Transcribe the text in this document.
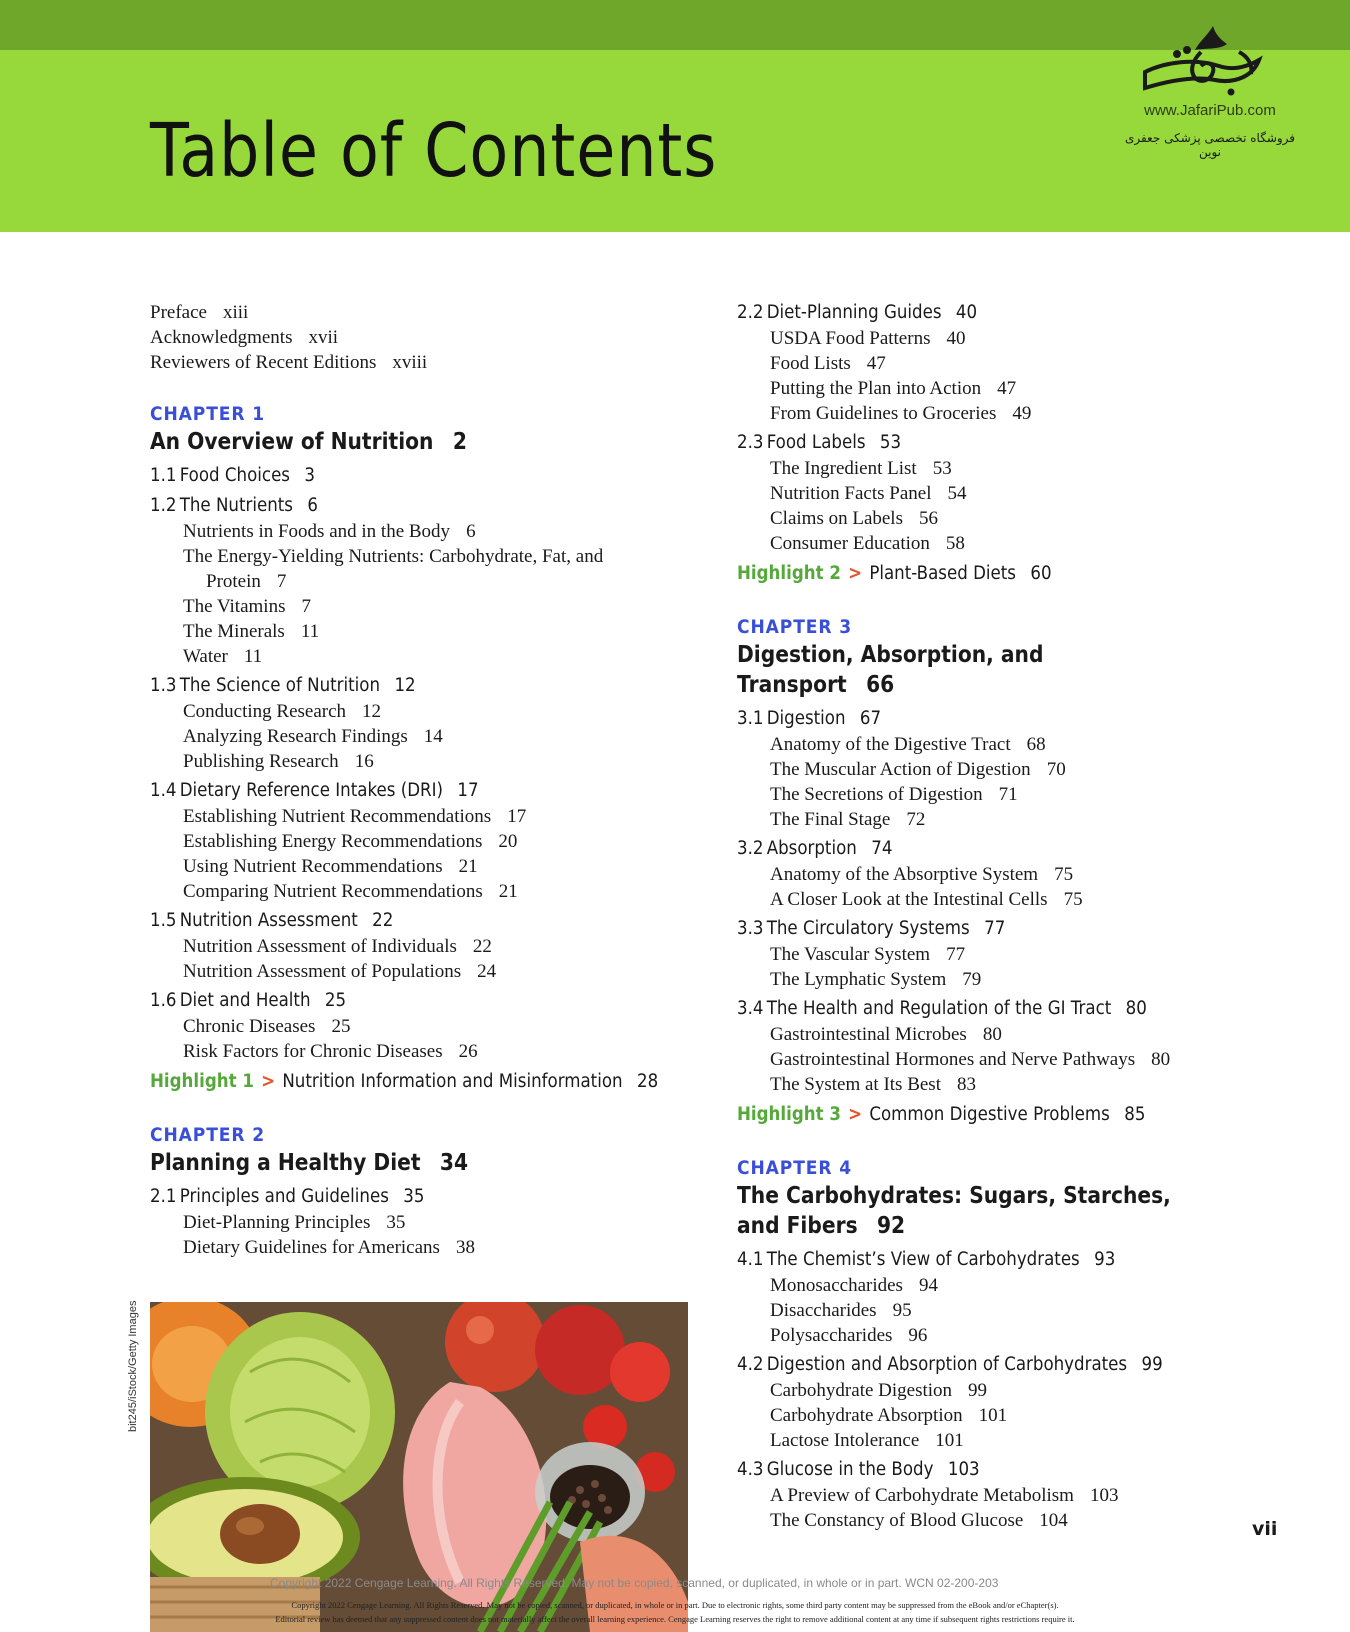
Table of Contents	www.JafariPub.com
فروشگاه تخصصی پزشکی جعفری نوین
Preface xiii
Acknowledgments xvii
Reviewers of Recent Editions xviii
CHAPTER 1
An Overview of Nutrition 2
1.1 Food Choices 3
1.2 The Nutrients 6
Nutrients in Foods and in the Body 6
The Energy-Yielding Nutrients: Carbohydrate, Fat, and
Protein 7
The Vitamins 7
The Minerals 11
Water 11
1.3 The Science of Nutrition 12
Conducting Research 12
Analyzing Research Findings 14
Publishing Research 16
1.4 Dietary Reference Intakes (DRI) 17
Establishing Nutrient Recommendations 17
Establishing Energy Recommendations 20
Using Nutrient Recommendations 21
Comparing Nutrient Recommendations 21
1.5 Nutrition Assessment 22
Nutrition Assessment of Individuals 22
Nutrition Assessment of Populations 24
1.6 Diet and Health 25
Chronic Diseases 25
Risk Factors for Chronic Diseases 26
Highlight 1 > Nutrition Information and Misinformation 28
CHAPTER 2
Planning a Healthy Diet 34
2.1 Principles and Guidelines 35
Diet-Planning Principles 35
Dietary Guidelines for Americans 38
2.2 Diet-Planning Guides 40
USDA Food Patterns 40
Food Lists 47
Putting the Plan into Action 47
From Guidelines to Groceries 49
2.3 Food Labels 53
The Ingredient List 53
Nutrition Facts Panel 54
Claims on Labels 56
Consumer Education 58
Highlight 2 > Plant-Based Diets 60
CHAPTER 3
Digestion, Absorption, and Transport 66
3.1 Digestion 67
Anatomy of the Digestive Tract 68
The Muscular Action of Digestion 70
The Secretions of Digestion 71
The Final Stage 72
3.2 Absorption 74
Anatomy of the Absorptive System 75
A Closer Look at the Intestinal Cells 75
3.3 The Circulatory Systems 77
The Vascular System 77
The Lymphatic System 79
3.4 The Health and Regulation of the GI Tract 80
Gastrointestinal Microbes 80
Gastrointestinal Hormones and Nerve Pathways 80
The System at Its Best 83
Highlight 3 > Common Digestive Problems 85
CHAPTER 4
The Carbohydrates: Sugars, Starches,
and Fibers 92
4.1 The Chemist’s View of Carbohydrates 93
Monosaccharides 94
Disaccharides 95
Polysaccharides 96
4.2 Digestion and Absorption of Carbohydrates 99
Carbohydrate Digestion 99
Carbohydrate Absorption 101
Lactose Intolerance 101
4.3 Glucose in the Body 103
A Preview of Carbohydrate Metabolism 103
The Constancy of Blood Glucose 104
bit245/iStock/Getty Images
vii
Copyright 2022 Cengage Learning. All Rights Reserved. May not be copied, scanned, or duplicated, in whole or in part. WCN 02-200-203
Copyright 2022 Cengage Learning. All Rights Reserved. May not be copied, scanned, or duplicated, in whole or in part. Due to electronic rights, some third party content may be suppressed from the eBook and/or eChapter(s).
Editorial review has deemed that any suppressed content does not materially affect the overall learning experience. Cengage Learning reserves the right to remove additional content at any time if subsequent rights restrictions require it.
